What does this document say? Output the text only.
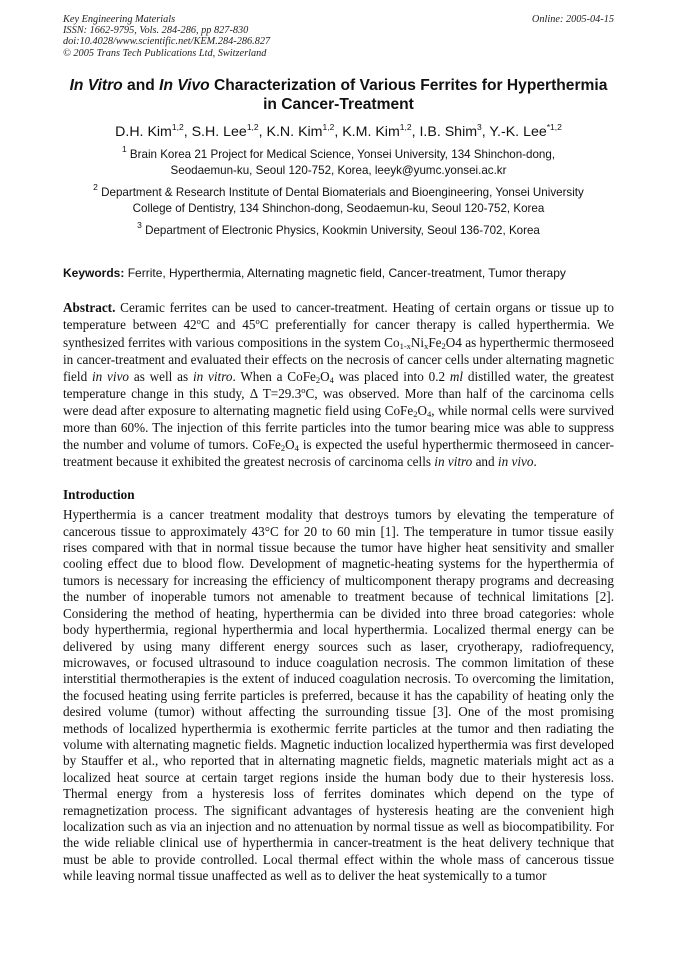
Key Engineering Materials
ISSN: 1662-9795, Vols. 284-286, pp 827-830
doi:10.4028/www.scientific.net/KEM.284-286.827
© 2005 Trans Tech Publications Ltd, Switzerland
Online: 2005-04-15
In Vitro and In Vivo Characterization of Various Ferrites for Hyperthermia in Cancer-Treatment
D.H. Kim$^{1,2}$, S.H. Lee$^{1,2}$, K.N. Kim$^{1,2}$, K.M. Kim$^{1,2}$, I.B. Shim$^3$, Y.-K. Lee$^{*1,2}$
$^1$ Brain Korea 21 Project for Medical Science, Yonsei University, 134 Shinchon-dong,
Seodaemun-ku, Seoul 120-752, Korea, leeyk@yumc.yonsei.ac.kr
$^2$ Department & Research Institute of Dental Biomaterials and Bioengineering, Yonsei University
College of Dentistry, 134 Shinchon-dong, Seodaemun-ku, Seoul 120-752, Korea
$^3$ Department of Electronic Physics, Kookmin University, Seoul 136-702, Korea
Keywords: Ferrite, Hyperthermia, Alternating magnetic field, Cancer-treatment, Tumor therapy
Abstract. Ceramic ferrites can be used to cancer-treatment. Heating of certain organs or tissue up to temperature between 42$^o$C and 45$^o$C preferentially for cancer therapy is called hyperthermia. We synthesized ferrites with various compositions in the system $Co_{1-x}Ni_xFe_2O4$ as hyperthermic thermoseed in cancer-treatment and evaluated their effects on the necrosis of cancer cells under alternating magnetic field in vivo as well as in vitro. When a $CoFe_2O_4$ was placed into 0.2 ml distilled water, the greatest temperature change in this study, Δ $T=29.3^oC$, was observed. More than half of the carcinoma cells were dead after exposure to alternating magnetic field using $CoFe_2O_4$, while normal cells were survived more than 60%. The injection of this ferrite particles into the tumor bearing mice was able to suppress the number and volume of tumors. $CoFe_2O_4$ is expected the useful hyperthermic thermoseed in cancer-treatment because it exhibited the greatest necrosis of carcinoma cells in vitro and in vivo.
Introduction
Hyperthermia is a cancer treatment modality that destroys tumors by elevating the temperature of cancerous tissue to approximately 43°C for 20 to 60 min [1]. The temperature in tumor tissue easily rises compared with that in normal tissue because the tumor have higher heat sensitivity and smaller cooling effect due to blood flow. Development of magnetic-heating systems for the hyperthermia of tumors is necessary for increasing the efficiency of multicomponent therapy programs and decreasing the number of inoperable tumors not amenable to treatment because of technical limitations [2]. Considering the method of heating, hyperthermia can be divided into three broad categories: whole body hyperthermia, regional hyperthermia and local hyperthermia. Localized thermal energy can be delivered by using many different energy sources such as laser, cryotherapy, radiofrequency, microwaves, or focused ultrasound to induce coagulation necrosis. The common limitation of these interstitial thermotherapies is the extent of induced coagulation necrosis. To overcoming the limitation, the focused heating using ferrite particles is preferred, because it has the capability of heating only the desired volume (tumor) without affecting the surrounding tissue [3]. One of the most promising methods of localized hyperthermia is exothermic ferrite particles at the tumor and then radiating the volume with alternating magnetic fields. Magnetic induction localized hyperthermia was first developed by Stauffer et al., who reported that in alternating magnetic fields, magnetic materials might act as a localized heat source at certain target regions inside the human body due to their hysteresis loss. Thermal energy from a hysteresis loss of ferrites dominates which depend on the type of remagnetization process. The significant advantages of hysteresis heating are the convenient high localization such as via an injection and no attenuation by normal tissue as well as biocompatibility. For the wide reliable clinical use of hyperthermia in cancer-treatment is the heat delivery technique that must be able to provide controlled. Local thermal effect within the whole mass of cancerous tissue while leaving normal tissue unaffected as well as to deliver the heat systemically to a tumor
